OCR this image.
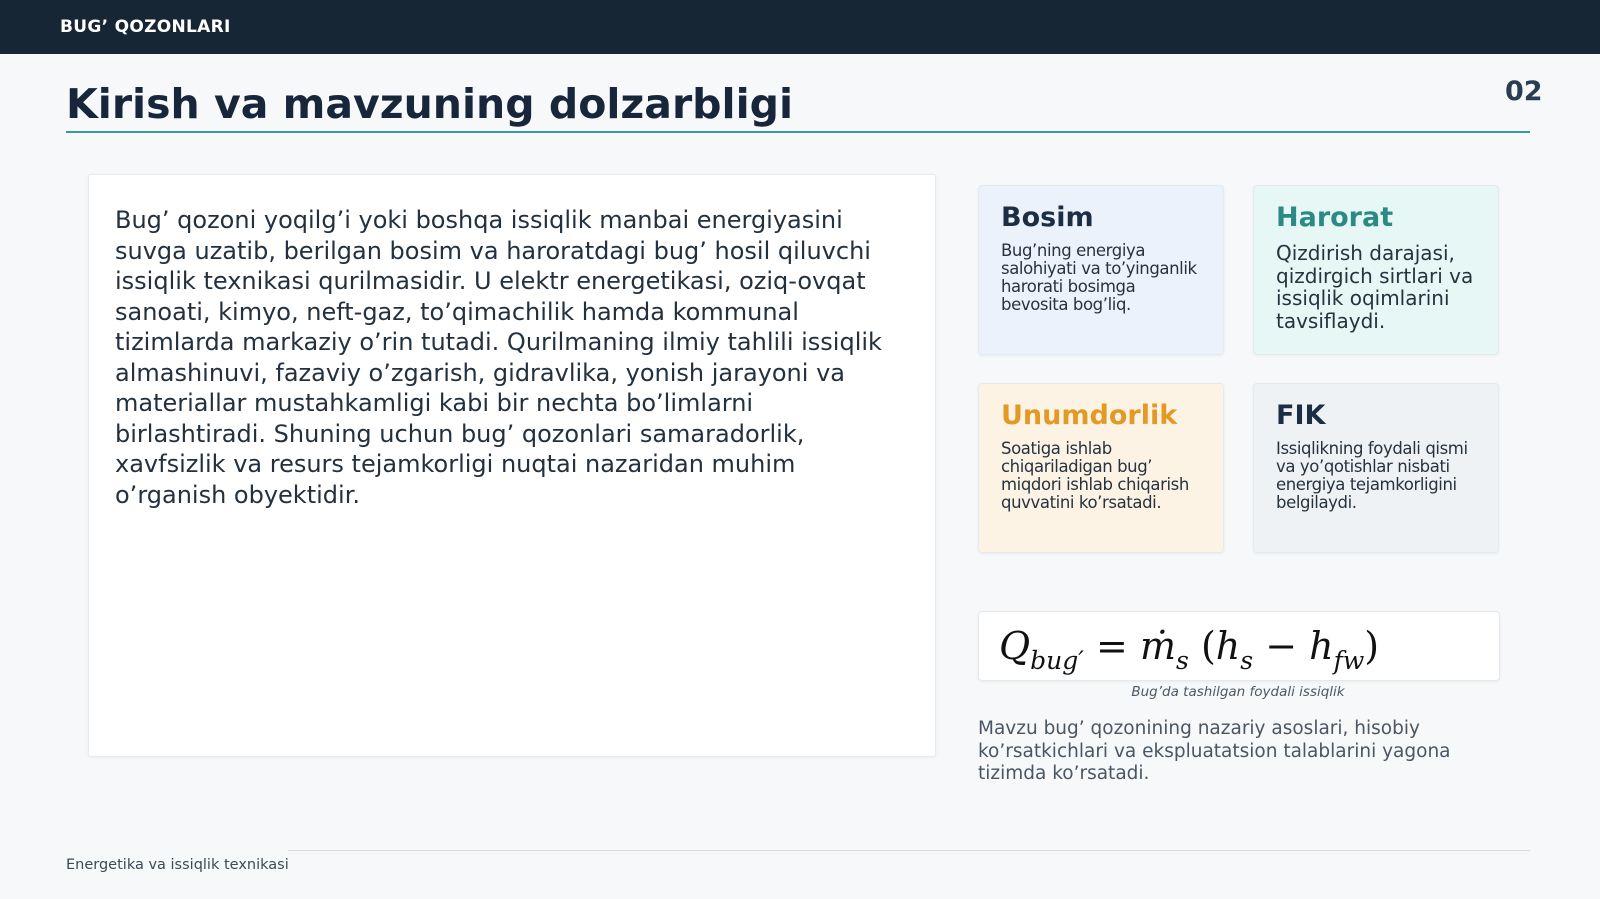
BUG’ QOZONLARI
Kirish va mavzuning dolzarbligi	02
Bug’ qozoni yoqilg’i yoki boshqa issiqlik manbai energiyasini suvga uzatib, berilgan bosim va haroratdagi bug’ hosil qiluvchi issiqlik texnikasi qurilmasidir. U elektr energetikasi, oziq-ovqat sanoati, kimyo, neft-gaz, to’qimachilik hamda kommunal tizimlarda markaziy o’rin tutadi. Qurilmaning ilmiy tahlili issiqlik almashinuvi, fazaviy o’zgarish, gidravlika, yonish jarayoni va materiallar mustahkamligi kabi bir nechta bo’limlarni birlashtiradi. Shuning uchun bug’ qozonlari samaradorlik, xavfsizlik va resurs tejamkorligi nuqtai nazaridan muhim o’rganish obyektidir.
Bosim
Bug’ning energiya salohiyati va to’yinganlik harorati bosimga bevosita bog’liq.
Harorat
Qizdirish darajasi, qizdirgich sirtlari va issiqlik oqimlarini tavsiflaydi.
Unumdorlik
Soatiga ishlab chiqariladigan bug’ miqdori ishlab chiqarish quvvatini ko’rsatadi.
FIK
Issiqlikning foydali qismi va yo’qotishlar nisbati energiya tejamkorligini belgilaydi.
$Q_{bug'}$ = ṁ$_s$ $(h_s - h_{fw})$
Bug’da tashilgan foydali issiqlik
Mavzu bug’ qozonining nazariy asoslari, hisobiy ko’rsatkichlari va ekspluatatsion talablarini yagona tizimda ko’rsatadi.
Energetika va issiqlik texnikasi
